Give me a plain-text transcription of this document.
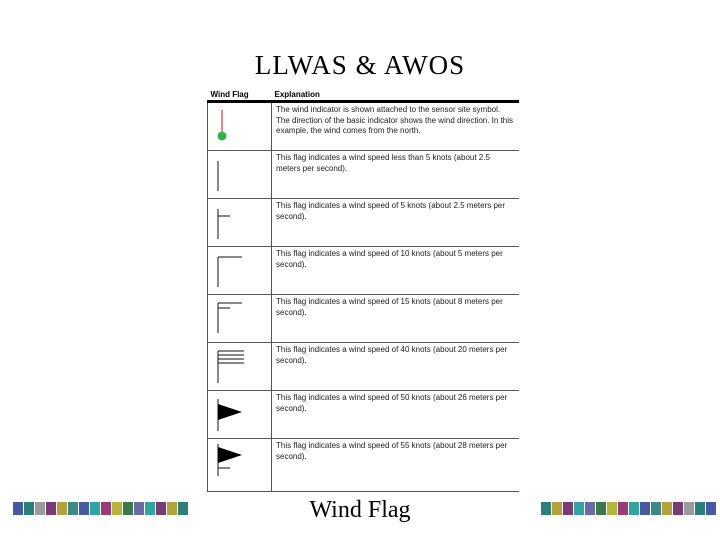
LLWAS & AWOS
Wind Flag	Explanation

	The wind indicator is shown attached to the sensor site symbol. The direction of the basic indicator shows the wind direction. In this example, the wind comes from the north.

	This flag indicates a wind speed less than 5 knots (about 2.5 meters per second).

	This flag indicates a wind speed of 5 knots (about 2.5 meters per second).

	This flag indicates a wind speed of 10 knots (about 5 meters per second).

	This flag indicates a wind speed of 15 knots (about 8 meters per second).

	This flag indicates a wind speed of 40 knots (about 20 meters per second).

	This flag indicates a wind speed of 50 knots (about 26 meters per second).

	This flag indicates a wind speed of 55 knots (about 28 meters per second).
Wind Flag
